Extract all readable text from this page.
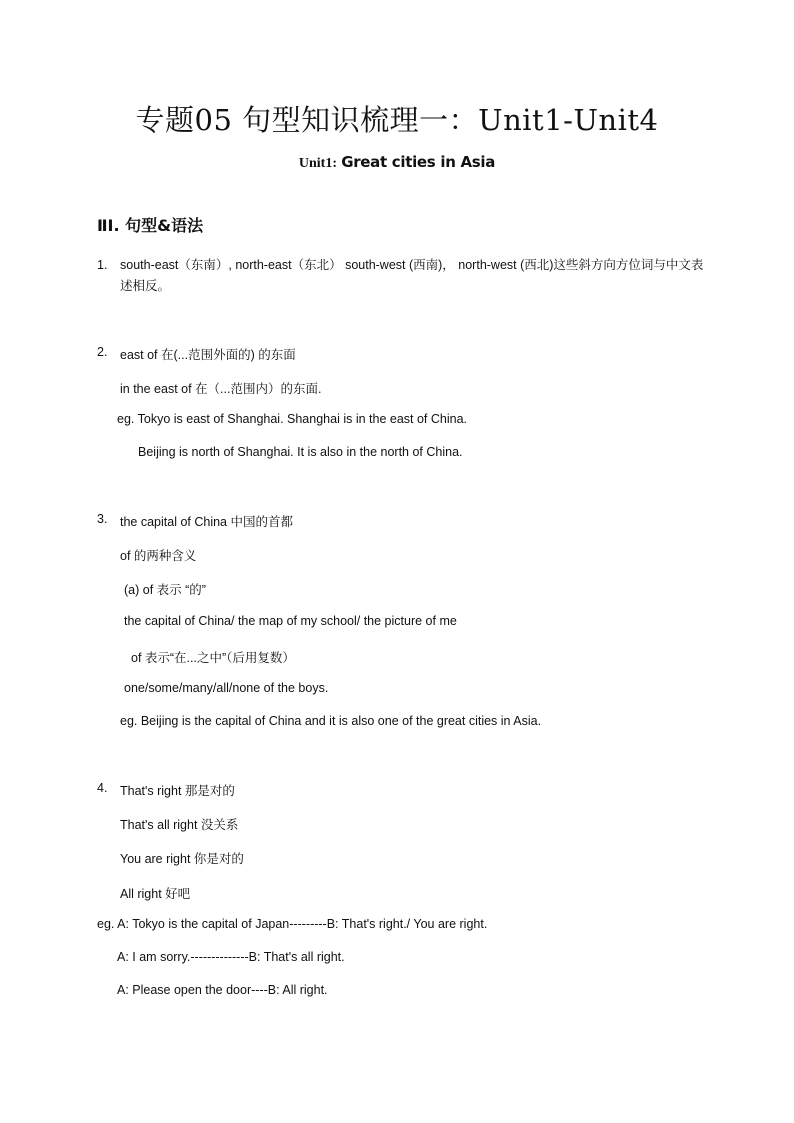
专题05 句型知识梳理一：Unit1-Unit4
Unit1: Great cities in Asia
ⅡⅠ. 句型&语法
1. south-east（东南）, north-east（东北） south-west (西南)， north-west (西北)这些斜方向方位词与中文表述相反。
2. east of 在(...范围外面的) 的东面
in the east of 在（...范围内）的东面.
eg. Tokyo is east of Shanghai. Shanghai is in the east of China.
Beijing is north of Shanghai. It is also in the north of China.
3. the capital of China 中国的首都
of 的两种含义
(a) of 表示 “的”
the capital of China/ the map of my school/ the picture of me
of 表示“在...之中”（后用复数）
one/some/many/all/none of the boys.
eg. Beijing is the capital of China and it is also one of the great cities in Asia.
4. That's right 那是对的
That's all right 没关系
You are right 你是对的
All right 好吧
eg. A: Tokyo is the capital of Japan---------B: That's right./ You are right.
A: I am sorry.--------------B: That's all right.
A: Please open the door----B: All right.
